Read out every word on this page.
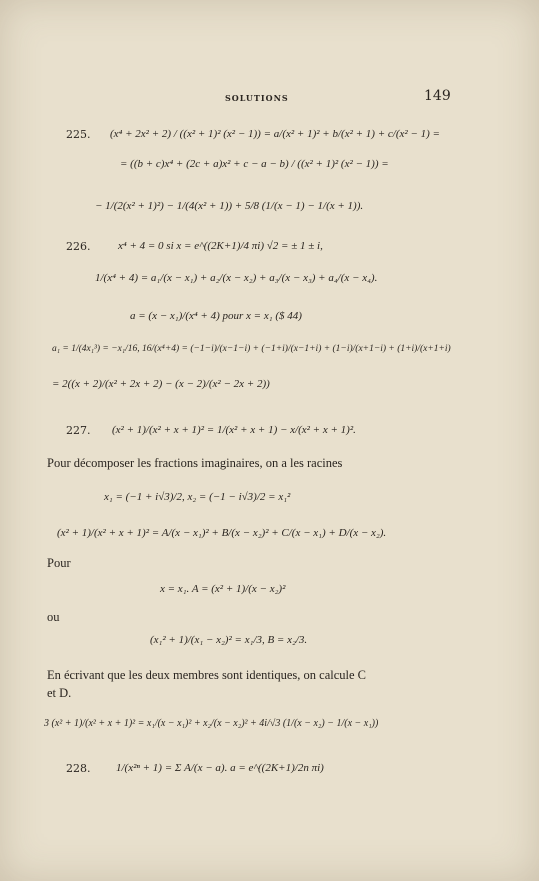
SOLUTIONS	149
225. (x⁴ + 2x² + 2) / ((x² + 1)² (x² − 1)) = a/(x² + 1)² + b/(x² + 1) + c/(x² − 1) =
= ((b + c)x⁴ + (2c + a)x² + c − a − b) / ((x² + 1)² (x² − 1)) =
− 1/(2(x² + 1)²) − 1/(4(x² + 1)) + 5/8 (1/(x − 1) − 1/(x + 1)).
226.	x⁴ + 4 = 0 si x = e^((2K+1)/4 πi) √2 = ± 1 ± i,
1/(x⁴ + 4) = a₁/(x − x₁) + a₂/(x − x₂) + a₃/(x − x₃) + a₄/(x − x₄).
a = (x − x₁)/(x⁴ + 4) pour x = x₁ ($ 44)
a₁ = 1/(4x₁³) = −x₁/16, 16/(x⁴+4) = (−1−i)/(x−1−i) + (−1+i)/(x−1+i) + (1−i)/(x+1−i) + (1+i)/(x+1+i)
= 2((x + 2)/(x² + 2x + 2) − (x − 2)/(x² − 2x + 2))
227. (x² + 1)/(x² + x + 1)² = 1/(x² + x + 1) − x/(x² + x + 1)².
Pour décomposer les fractions imaginaires, on a les racines
x₁ = (−1 + i√3)/2, x₂ = (−1 − i√3)/2 = x₁²
(x² + 1)/(x² + x + 1)² = A/(x − x₁)² + B/(x − x₂)² + C/(x − x₁) + D/(x − x₂).
Pour
x = x₁. A = (x² + 1)/(x − x₂)²
ou
(x₁² + 1)/(x₁ − x₂)² = x₁/3, B = x₂/3.
En écrivant que les deux membres sont identiques, on calcule C
et D.
3 (x² + 1)/(x² + x + 1)² = x₁/(x − x₁)² + x₂/(x − x₂)² + 4i/√3 (1/(x − x₂) − 1/(x − x₁))
228. 1/(x²ⁿ + 1) = Σ A/(x − a). a = e^((2K+1)/2n πi)
